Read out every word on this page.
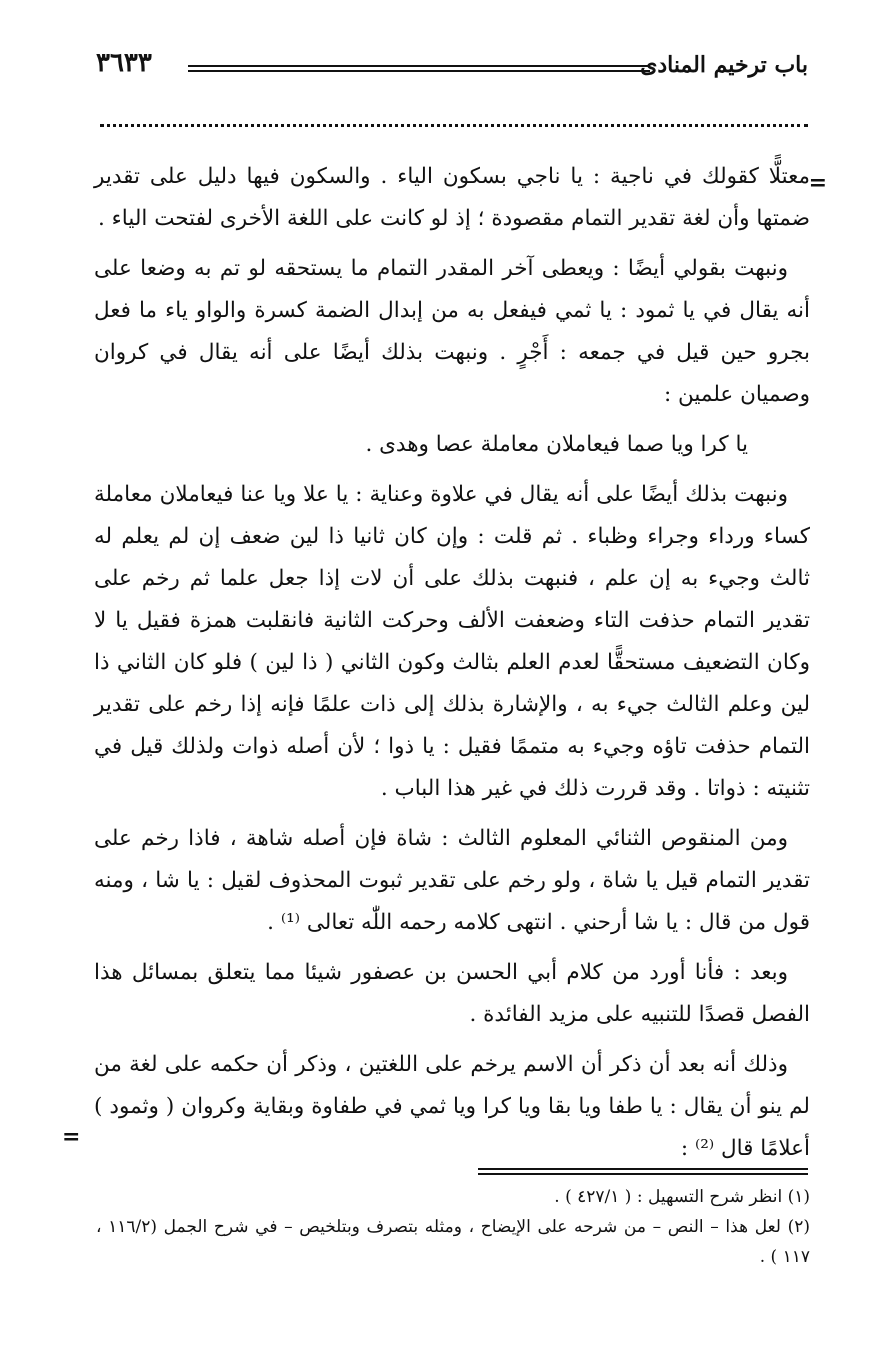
باب ترخيم المنادى
٣٦٣٣
=

معتلًّا كقولك في ناجية : يا ناجي بسكون الياء . والسكون فيها دليل على تقدير ضمتها وأن لغة تقدير التمام مقصودة ؛ إذ لو كانت على اللغة الأخرى لفتحت الياء .

ونبهت بقولي أيضًا : ويعطى آخر المقدر التمام ما يستحقه لو تم به وضعا على أنه يقال في يا ثمود : يا ثمي فيفعل به من إبدال الضمة كسرة والواو ياء ما فعل بجرو حين قيل في جمعه : أَجْرٍ . ونبهت بذلك أيضًا على أنه يقال في كروان وصميان علمين :

يا كرا ويا صما فيعاملان معاملة عصا وهدى .

ونبهت بذلك أيضًا على أنه يقال في علاوة وعناية : يا علا ويا عنا فيعاملان معاملة كساء ورداء وجراء وظباء . ثم قلت : وإن كان ثانيا ذا لين ضعف إن لم يعلم له ثالث وجيء به إن علم ، فنبهت بذلك على أن لات إذا جعل علما ثم رخم على تقدير التمام حذفت التاء وضعفت الألف وحركت الثانية فانقلبت همزة فقيل يا لا وكان التضعيف مستحقًّا لعدم العلم بثالث وكون الثاني ( ذا لين ) فلو كان الثاني ذا لين وعلم الثالث جيء به ، والإشارة بذلك إلى ذات علمًا فإنه إذا رخم على تقدير التمام حذفت تاؤه وجيء به متممًا فقيل : يا ذوا ؛ لأن أصله ذوات ولذلك قيل في تثنيته : ذواتا . وقد قررت ذلك في غير هذا الباب .

ومن المنقوص الثنائي المعلوم الثالث : شاة فإن أصله شاهة ، فاذا رخم على تقدير التمام قيل يا شاة ، ولو رخم على تقدير ثبوت المحذوف لقيل : يا شا ، ومنه قول من قال : يا شا أرحني . انتهى كلامه رحمه اللّٰه تعالى ⁽¹⁾ .

وبعد : فأنا أورد من كلام أبي الحسن بن عصفور شيئا مما يتعلق بمسائل هذا الفصل قصدًا للتنبيه على مزيد الفائدة .

وذلك أنه بعد أن ذكر أن الاسم يرخم على اللغتين ، وذكر أن حكمه على لغة من لم ينو أن يقال : يا طفا ويا بقا ويا كرا ويا ثمي في طفاوة وبقاية وكروان ( وثمود ) أعلامًا قال ⁽²⁾ :

=

(١) انظر شرح التسهيل : ( ٤٢٧/١ ) .

(٢) لعل هذا – النص – من شرحه على الإيضاح ، ومثله بتصرف وبتلخيص – في شرح الجمل (١١٦/٢ ، ١١٧ ) .
